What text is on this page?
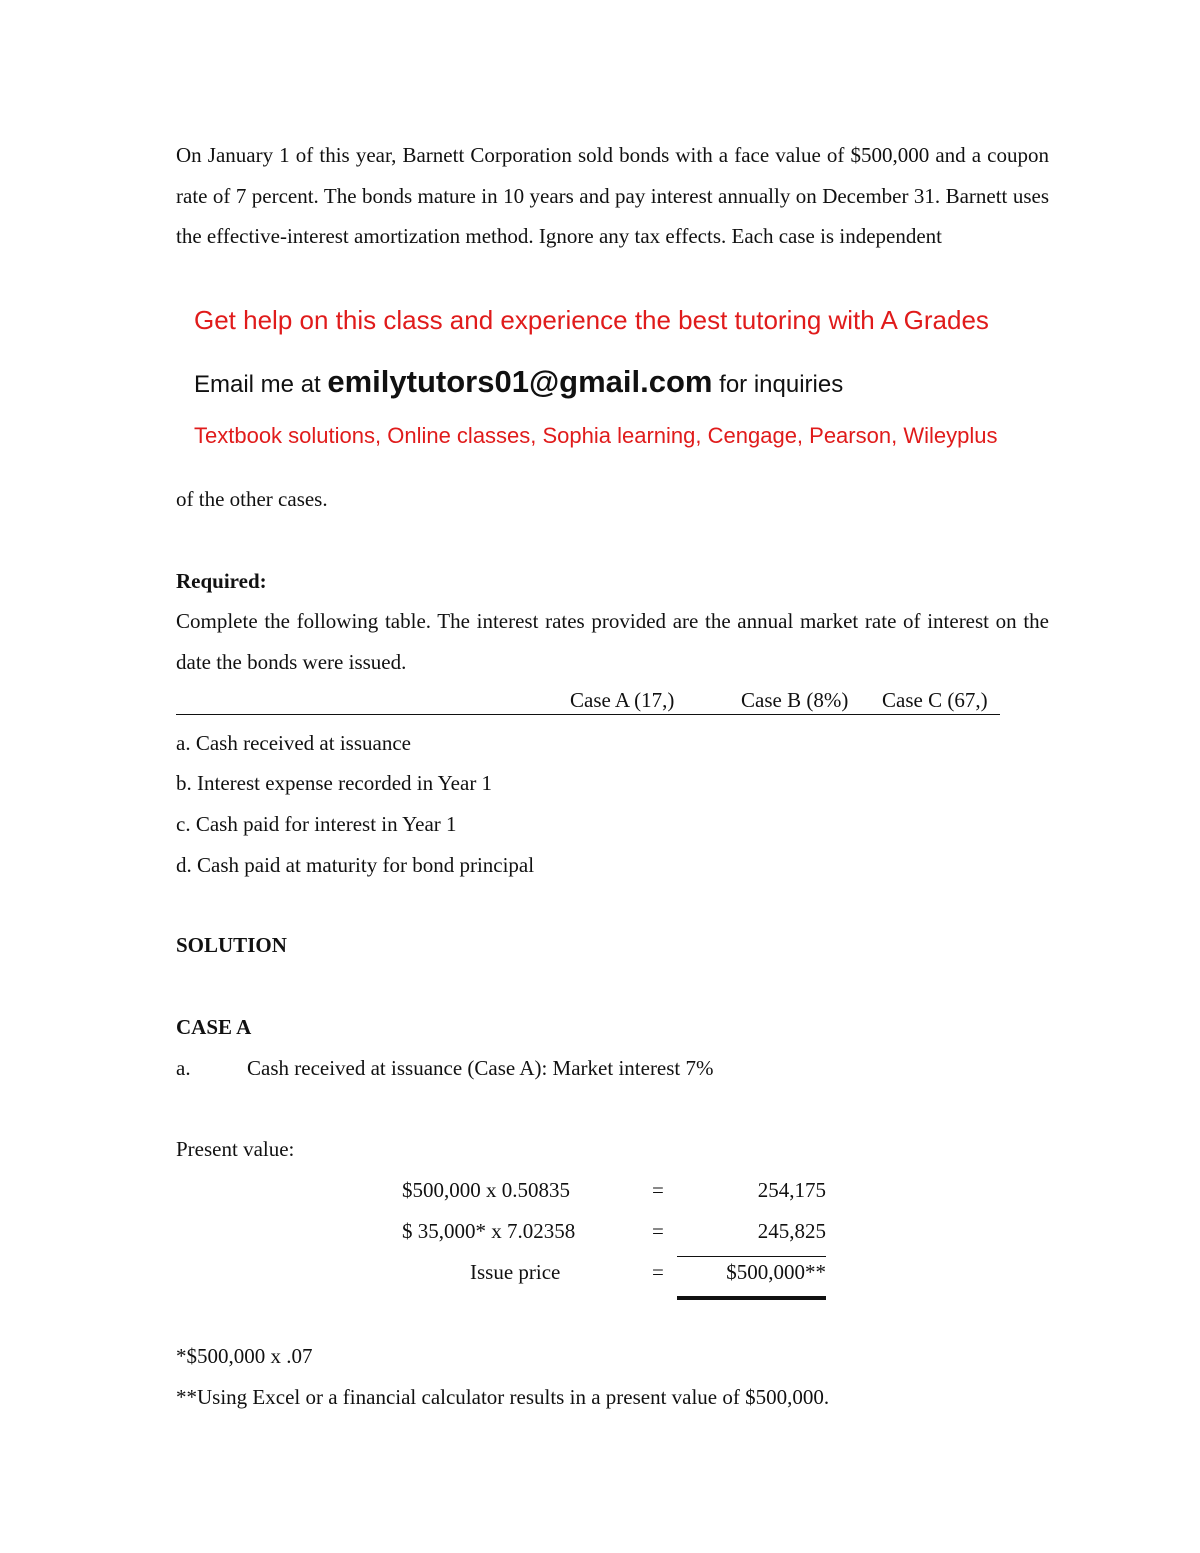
On January 1 of this year, Barnett Corporation sold bonds with a face value of $500,000 and a coupon rate of 7 percent. The bonds mature in 10 years and pay interest annually on December 31. Barnett uses the effective-interest amortization method. Ignore any tax effects. Each case is independent
Get help on this class and experience the best tutoring with A Grades
Email me at emilytutors01@gmail.com for inquiries
Textbook solutions, Online classes, Sophia learning, Cengage, Pearson, Wileyplus
of the other cases.
Required:
Complete the following table. The interest rates provided are the annual market rate of interest on the date the bonds were issued.
Case A (17,)	Case B (8%) Case C (67,)
a. Cash received at issuance
b. Interest expense recorded in Year 1
c. Cash paid for interest in Year 1
d. Cash paid at maturity for bond principal
SOLUTION
CASE A
a.	Cash received at issuance (Case A): Market interest 7%
Present value:
$500,000 x 0.50835	=	254,175
$ 35,000* x 7.02358	=	245,825
Issue price	=	$500,000**
*$500,000 x .07
**Using Excel or a financial calculator results in a present value of $500,000.
